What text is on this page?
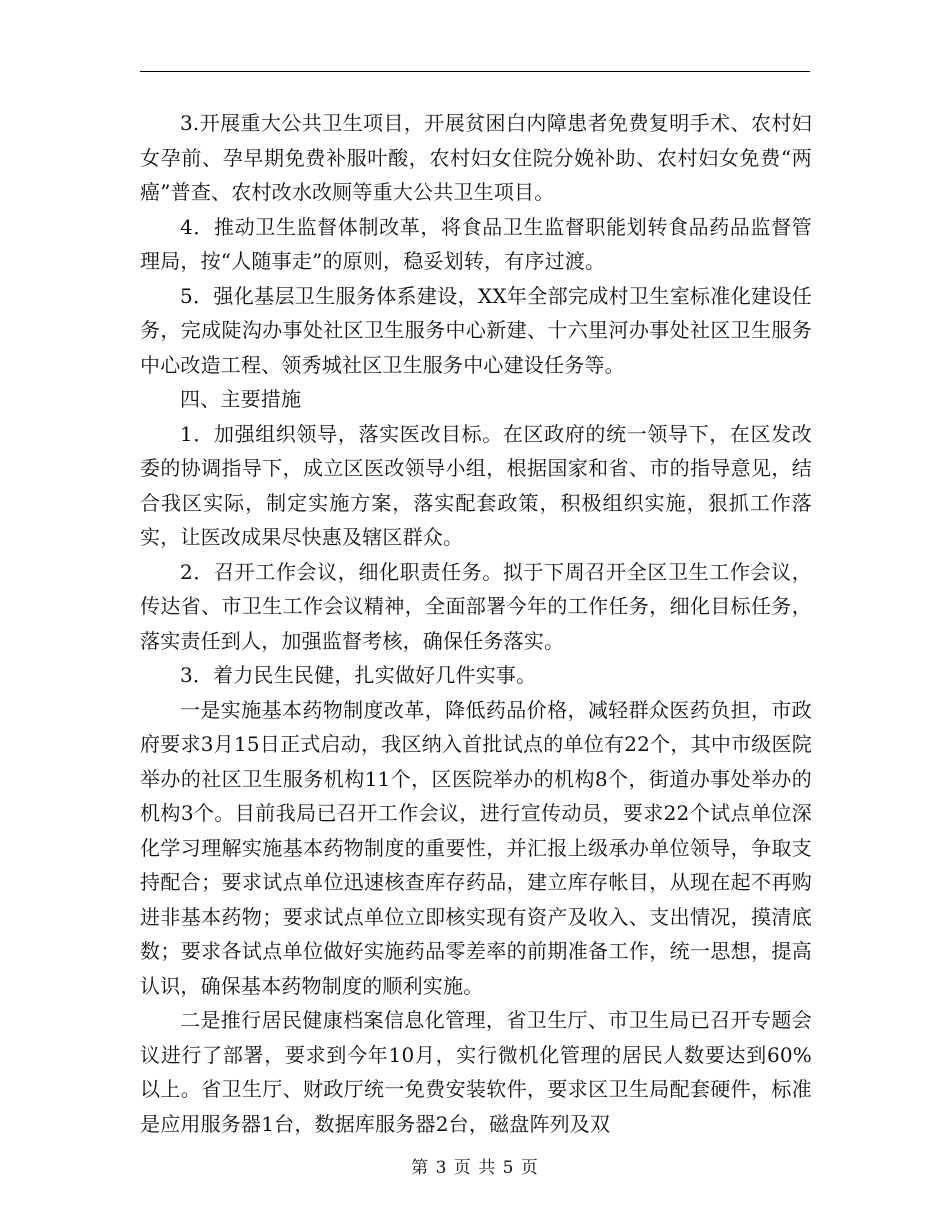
3.开展重大公共卫生项目，开展贫困白内障患者免费复明手术、农村妇女孕前、孕早期免费补服叶酸，农村妇女住院分娩补助、农村妇女免费“两癌”普查、农村改水改厕等重大公共卫生项目。

4．推动卫生监督体制改革，将食品卫生监督职能划转食品药品监督管理局，按“人随事走”的原则，稳妥划转，有序过渡。

5．强化基层卫生服务体系建设，XX年全部完成村卫生室标准化建设任务，完成陡沟办事处社区卫生服务中心新建、十六里河办事处社区卫生服务中心改造工程、领秀城社区卫生服务中心建设任务等。

四、主要措施

1．加强组织领导，落实医改目标。在区政府的统一领导下，在区发改委的协调指导下，成立区医改领导小组，根据国家和省、市的指导意见，结合我区实际，制定实施方案，落实配套政策，积极组织实施，狠抓工作落实，让医改成果尽快惠及辖区群众。

2．召开工作会议，细化职责任务。拟于下周召开全区卫生工作会议，传达省、市卫生工作会议精神，全面部署今年的工作任务，细化目标任务，落实责任到人，加强监督考核，确保任务落实。

3．着力民生民健，扎实做好几件实事。

一是实施基本药物制度改革，降低药品价格，减轻群众医药负担，市政府要求3月15日正式启动，我区纳入首批试点的单位有22个，其中市级医院举办的社区卫生服务机构11个，区医院举办的机构8个，街道办事处举办的机构3个。目前我局已召开工作会议，进行宣传动员，要求22个试点单位深化学习理解实施基本药物制度的重要性，并汇报上级承办单位领导，争取支持配合；要求试点单位迅速核查库存药品，建立库存帐目，从现在起不再购进非基本药物；要求试点单位立即核实现有资产及收入、支出情况，摸清底数；要求各试点单位做好实施药品零差率的前期准备工作，统一思想，提高认识，确保基本药物制度的顺利实施。

二是推行居民健康档案信息化管理，省卫生厅、市卫生局已召开专题会议进行了部署，要求到今年10月，实行微机化管理的居民人数要达到60%以上。省卫生厅、财政厅统一免费安装软件，要求区卫生局配套硬件，标准是应用服务器1台，数据库服务器2台，磁盘阵列及双

第 3 页 共 5 页
